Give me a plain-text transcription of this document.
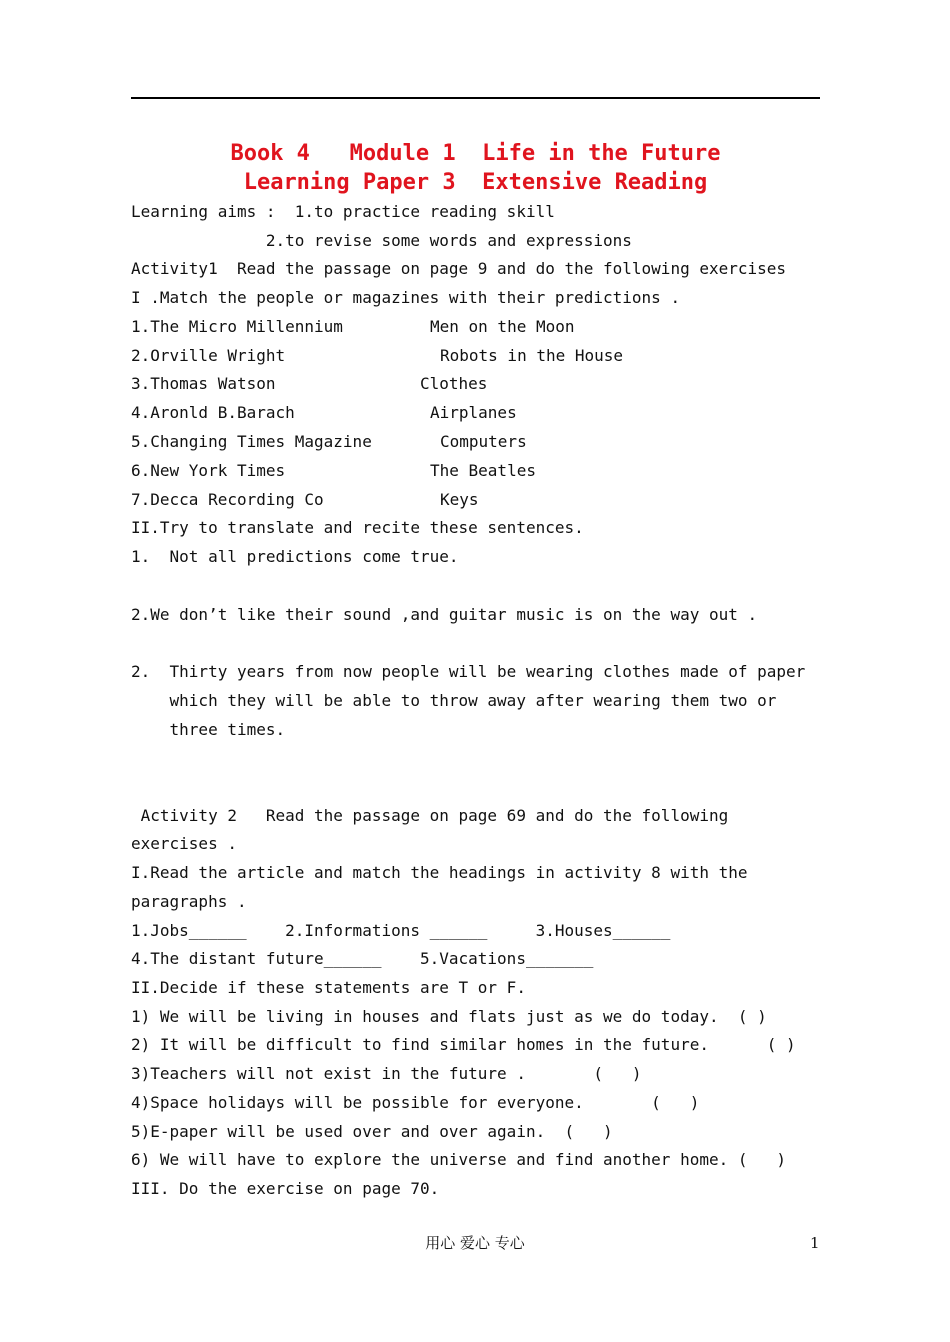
Book 4   Module 1  Life in the Future
Learning Paper 3  Extensive Reading
Learning aims :  1.to practice reading skill
2.to revise some words and expressions
Activity1  Read the passage on page 9 and do the following exercises
I .Match the people or magazines with their predictions .
1.The Micro Millennium	Men on the Moon
2.Orville Wright	Robots in the House
3.Thomas Watson	Clothes
4.Aronld B.Barach	Airplanes
5.Changing Times Magazine	Computers
6.New York Times	The Beatles
7.Decca Recording Co	Keys
II.Try to translate and recite these sentences.
1.  Not all predictions come true.
2.We don’t like their sound ,and guitar music is on the way out .
2.  Thirty years from now people will be wearing clothes made of paper
which they will be able to throw away after wearing them two or
three times.
Activity 2   Read the passage on page 69 and do the following
exercises .
I.Read the article and match the headings in activity 8 with the
paragraphs .
1.Jobs______    2.Informations ______     3.Houses______
4.The distant future______    5.Vacations_______
II.Decide if these statements are T or F.
1) We will be living in houses and flats just as we do today.  ( )
2) It will be difficult to find similar homes in the future.      ( )
3)Teachers will not exist in the future .       (   )
4)Space holidays will be possible for everyone.       (   )
5)E-paper will be used over and over again.  (   )
6) We will have to explore the universe and find another home. (   )
III. Do the exercise on page 70.
用心 爱心 专心	1
